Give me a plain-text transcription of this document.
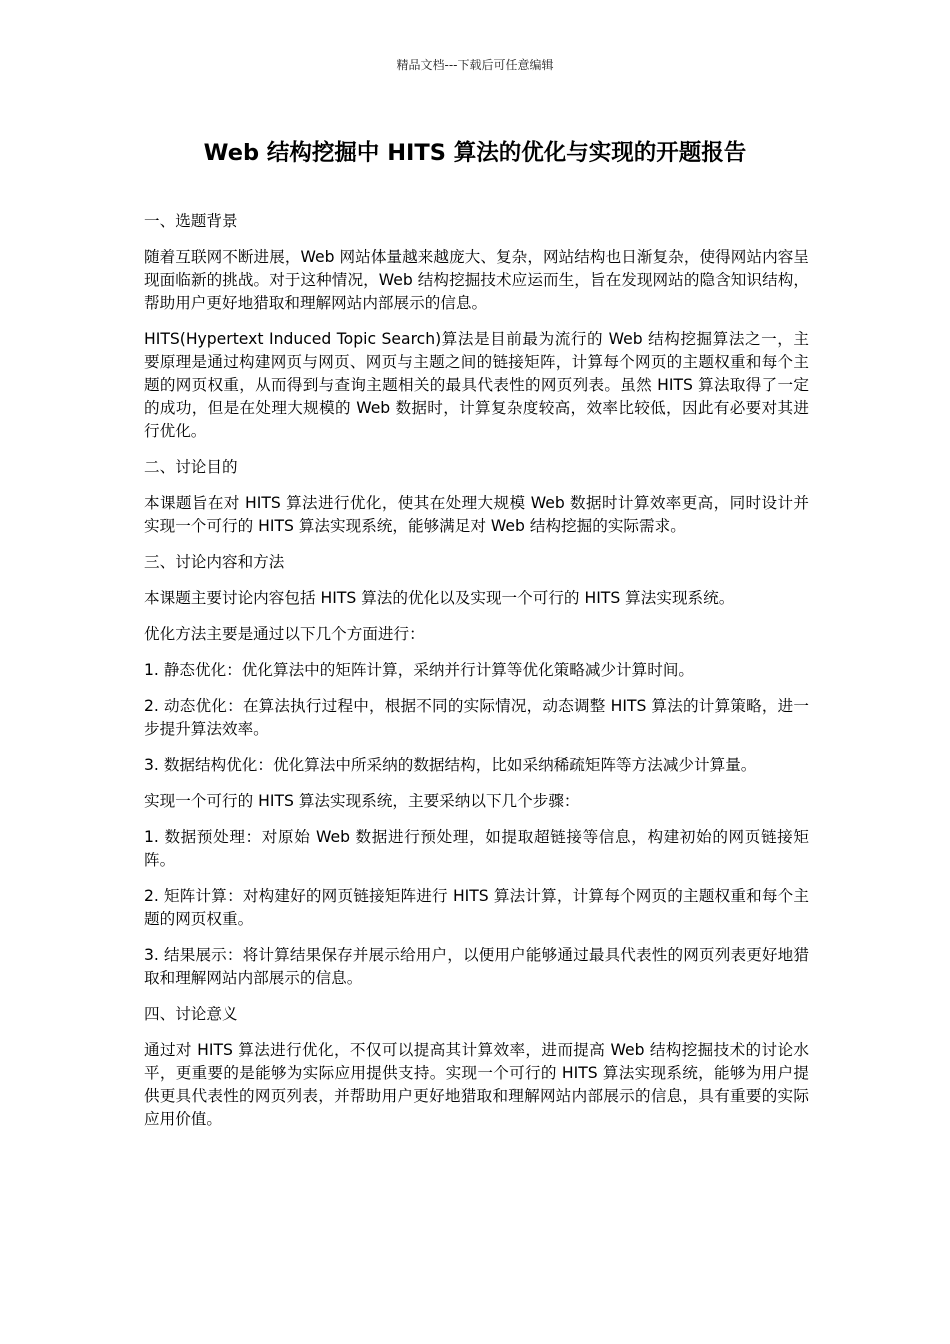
精品文档---下载后可任意编辑
Web 结构挖掘中 HITS 算法的优化与实现的开题报告

一、选题背景

随着互联网不断进展，Web 网站体量越来越庞大、复杂，网站结构也日渐复杂，使得网站内容呈现面临新的挑战。对于这种情况，Web 结构挖掘技术应运而生，旨在发现网站的隐含知识结构，帮助用户更好地猎取和理解网站内部展示的信息。

HITS(Hypertext Induced Topic Search)算法是目前最为流行的 Web 结构挖掘算法之一，主要原理是通过构建网页与网页、网页与主题之间的链接矩阵，计算每个网页的主题权重和每个主题的网页权重，从而得到与查询主题相关的最具代表性的网页列表。虽然 HITS 算法取得了一定的成功，但是在处理大规模的 Web 数据时，计算复杂度较高，效率比较低，因此有必要对其进行优化。

二、讨论目的

本课题旨在对 HITS 算法进行优化，使其在处理大规模 Web 数据时计算效率更高，同时设计并实现一个可行的 HITS 算法实现系统，能够满足对 Web 结构挖掘的实际需求。

三、讨论内容和方法

本课题主要讨论内容包括 HITS 算法的优化以及实现一个可行的 HITS 算法实现系统。

优化方法主要是通过以下几个方面进行：

1. 静态优化：优化算法中的矩阵计算，采纳并行计算等优化策略减少计算时间。

2. 动态优化：在算法执行过程中，根据不同的实际情况，动态调整 HITS 算法的计算策略，进一步提升算法效率。

3. 数据结构优化：优化算法中所采纳的数据结构，比如采纳稀疏矩阵等方法减少计算量。

实现一个可行的 HITS 算法实现系统，主要采纳以下几个步骤：

1. 数据预处理：对原始 Web 数据进行预处理，如提取超链接等信息，构建初始的网页链接矩阵。

2. 矩阵计算：对构建好的网页链接矩阵进行 HITS 算法计算，计算每个网页的主题权重和每个主题的网页权重。

3. 结果展示：将计算结果保存并展示给用户，以便用户能够通过最具代表性的网页列表更好地猎取和理解网站内部展示的信息。

四、讨论意义

通过对 HITS 算法进行优化，不仅可以提高其计算效率，进而提高 Web 结构挖掘技术的讨论水平，更重要的是能够为实际应用提供支持。实现一个可行的 HITS 算法实现系统，能够为用户提供更具代表性的网页列表，并帮助用户更好地猎取和理解网站内部展示的信息，具有重要的实际应用价值。
